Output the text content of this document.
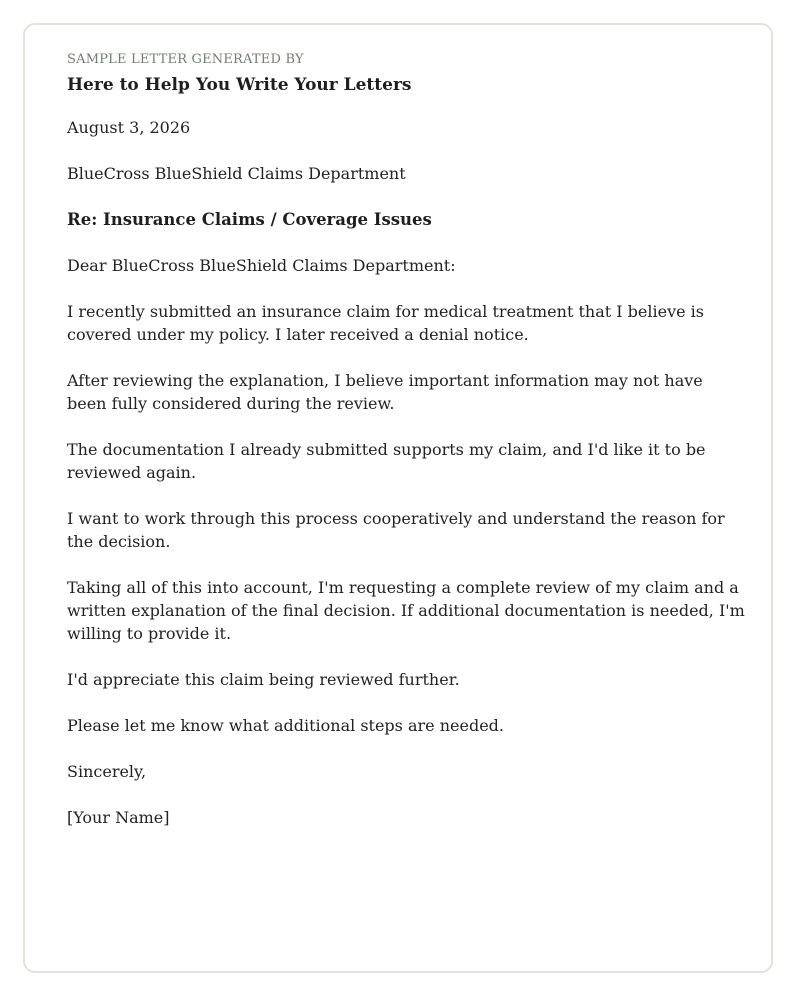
SAMPLE LETTER GENERATED BY

Here to Help You Write Your Letters

August 3, 2026

BlueCross BlueShield Claims Department

Re: Insurance Claims / Coverage Issues

Dear BlueCross BlueShield Claims Department:

I recently submitted an insurance claim for medical treatment that I believe is covered under my policy. I later received a denial notice.

After reviewing the explanation, I believe important information may not have been fully considered during the review.

The documentation I already submitted supports my claim, and I'd like it to be reviewed again.

I want to work through this process cooperatively and understand the reason for the decision.

Taking all of this into account, I'm requesting a complete review of my claim and a written explanation of the final decision. If additional documentation is needed, I'm willing to provide it.

I'd appreciate this claim being reviewed further.

Please let me know what additional steps are needed.

Sincerely,

[Your Name]
